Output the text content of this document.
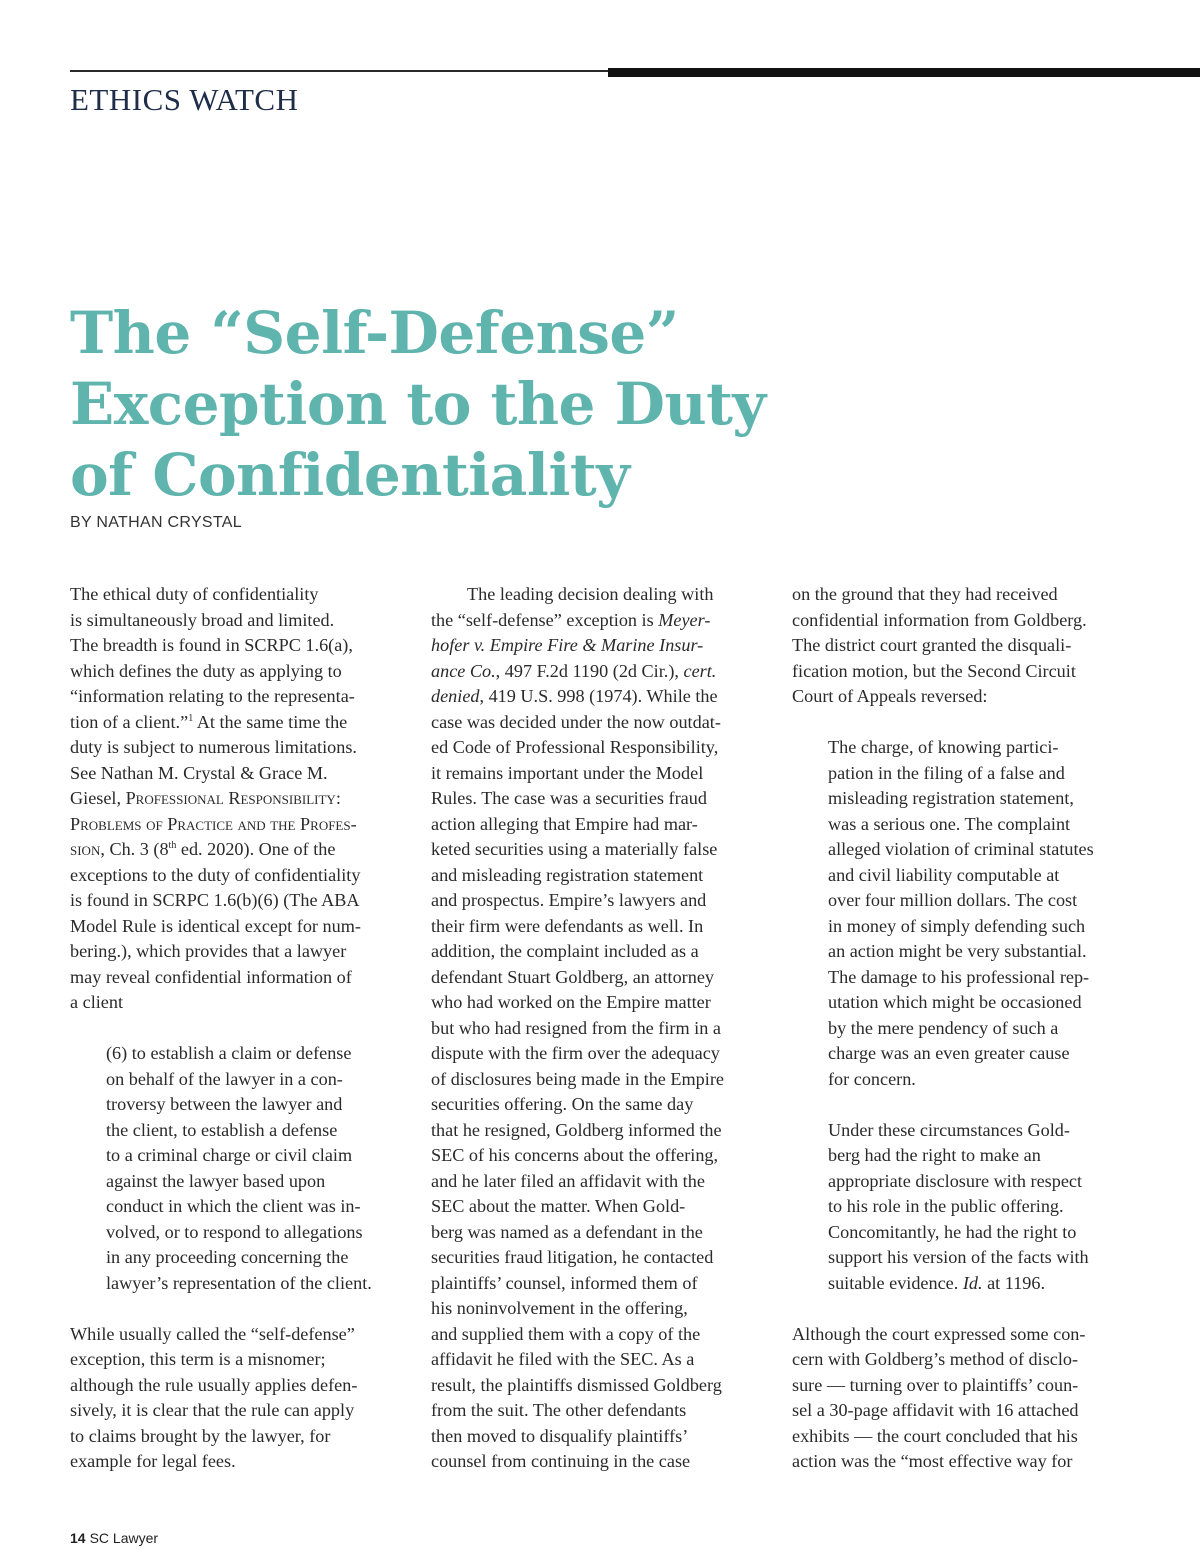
ETHICS WATCH
The “Self-Defense”
Exception to the Duty
of Confidentiality
BY NATHAN CRYSTAL
The ethical duty of confidentiality
is simultaneously broad and limited.
The breadth is found in SCRPC 1.6(a),
which defines the duty as applying to
“information relating to the representa-
tion of a client.”$^1$ At the same time the
duty is subject to numerous limitations.
See Nathan M. Crystal & Grace M.
Giesel, Professional Responsibility:
Problems of Practice and the Profes-
sion, Ch. 3 (8th ed. 2020). One of the
exceptions to the duty of confidentiality
is found in SCRPC 1.6(b)(6) (The ABA
Model Rule is identical except for num-
bering.), which provides that a lawyer
may reveal confidential information of
a client
(6) to establish a claim or defense
on behalf of the lawyer in a con-
troversy between the lawyer and
the client, to establish a defense
to a criminal charge or civil claim
against the lawyer based upon
conduct in which the client was in-
volved, or to respond to allegations
in any proceeding concerning the
lawyer’s representation of the client.
While usually called the “self-defense”
exception, this term is a misnomer;
although the rule usually applies defen-
sively, it is clear that the rule can apply
to claims brought by the lawyer, for
example for legal fees.
The leading decision dealing with
the “self-defense” exception is Meyer-
hofer v. Empire Fire & Marine Insur-
ance Co., 497 F.2d 1190 (2d Cir.), cert.
denied, 419 U.S. 998 (1974). While the
case was decided under the now outdat-
ed Code of Professional Responsibility,
it remains important under the Model
Rules. The case was a securities fraud
action alleging that Empire had mar-
keted securities using a materially false
and misleading registration statement
and prospectus. Empire’s lawyers and
their firm were defendants as well. In
addition, the complaint included as a
defendant Stuart Goldberg, an attorney
who had worked on the Empire matter
but who had resigned from the firm in a
dispute with the firm over the adequacy
of disclosures being made in the Empire
securities offering. On the same day
that he resigned, Goldberg informed the
SEC of his concerns about the offering,
and he later filed an affidavit with the
SEC about the matter. When Gold-
berg was named as a defendant in the
securities fraud litigation, he contacted
plaintiffs’ counsel, informed them of
his noninvolvement in the offering,
and supplied them with a copy of the
affidavit he filed with the SEC. As a
result, the plaintiffs dismissed Goldberg
from the suit. The other defendants
then moved to disqualify plaintiffs’
counsel from continuing in the case
on the ground that they had received
confidential information from Goldberg.
The district court granted the disquali-
fication motion, but the Second Circuit
Court of Appeals reversed:
The charge, of knowing partici-
pation in the filing of a false and
misleading registration statement,
was a serious one. The complaint
alleged violation of criminal statutes
and civil liability computable at
over four million dollars. The cost
in money of simply defending such
an action might be very substantial.
The damage to his professional rep-
utation which might be occasioned
by the mere pendency of such a
charge was an even greater cause
for concern.
Under these circumstances Gold-
berg had the right to make an
appropriate disclosure with respect
to his role in the public offering.
Concomitantly, he had the right to
support his version of the facts with
suitable evidence. Id. at 1196.
Although the court expressed some con-
cern with Goldberg’s method of disclo-
sure — turning over to plaintiffs’ coun-
sel a 30-page affidavit with 16 attached
exhibits — the court concluded that his
action was the “most effective way for
14 SC Lawyer
